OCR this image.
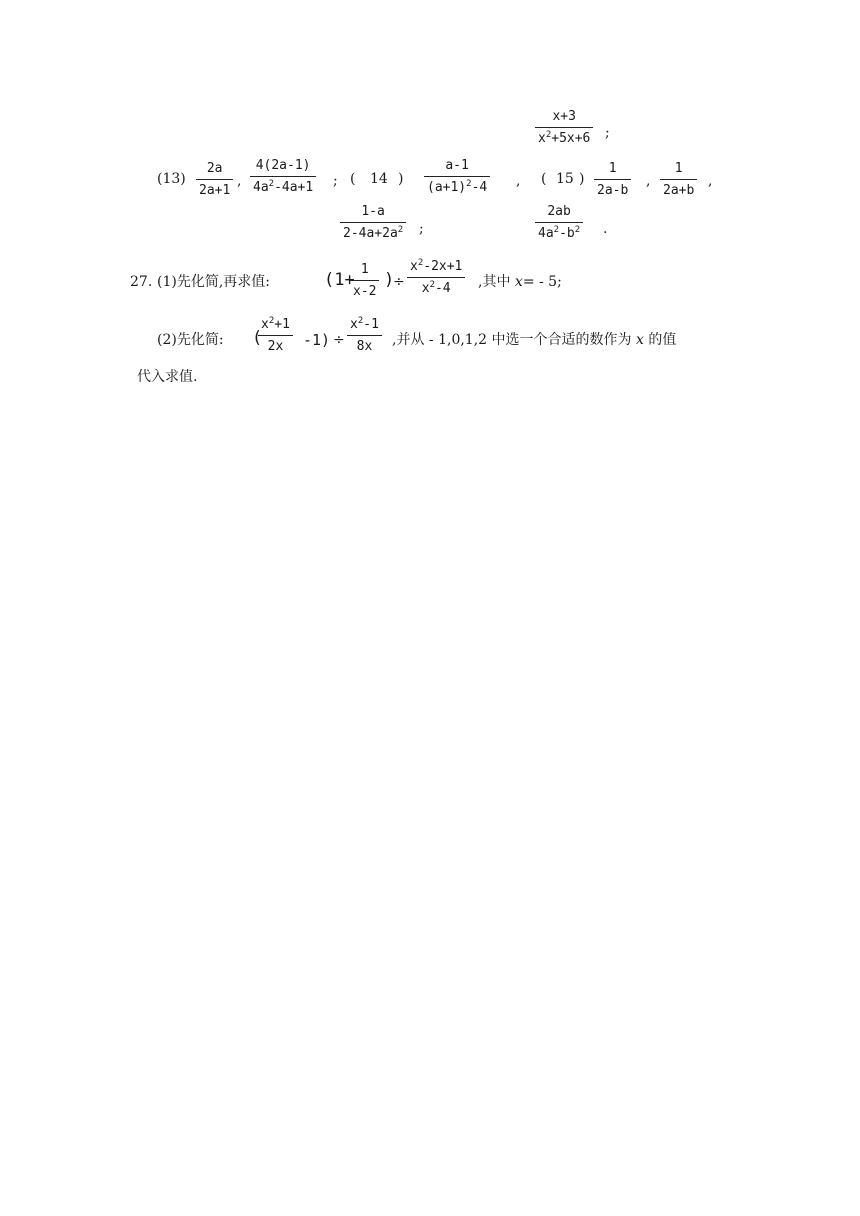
x+3
$x^2+5x+6$ ;
(13)
2a
2a+1
,
4(2a-1)
$4a^2-4a+1$ ; ( 14 )
a-1
$(a+1)^2-4$ ,
1-a
$2-4a+2a^2$ ;
( 15 )
1
2a-b
,
1
2a+b
,
2ab
$4a^2-b^2$ .
27. (1)先化简,再求值:	(1+
1
x-2
)
÷
$x^2-2x+1$
$x^2-4$ ,其中 x= - 5;
(2)先化简: (
$x^2+1$
2x -1) ÷
$x^2-1$
8x ,并从 - 1,0,1,2 中选一个合适的数作为 x 的值
代入求值.
